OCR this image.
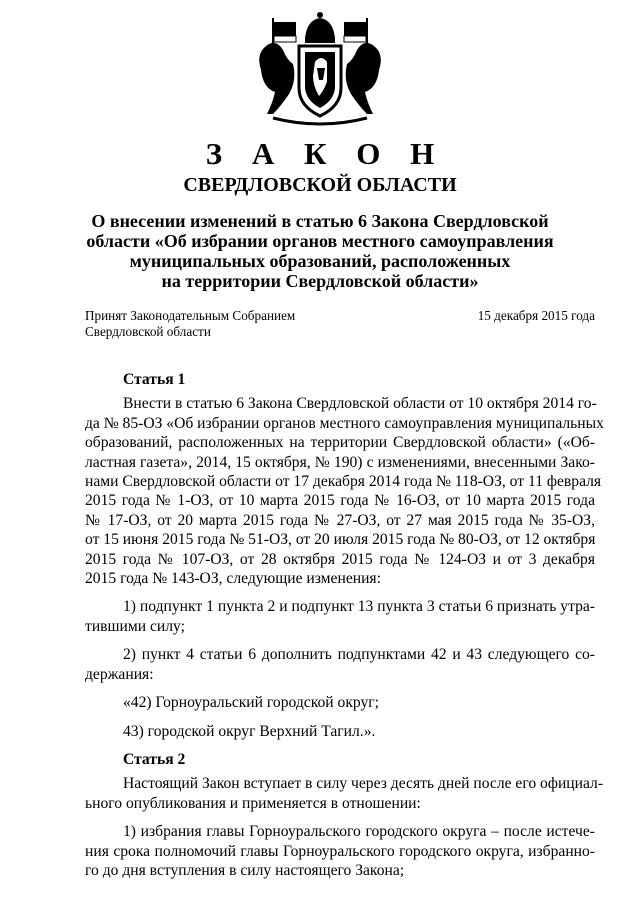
З А К О Н
СВЕРДЛОВСКОЙ ОБЛАСТИ
О внесении изменений в статью 6 Закона Свердловской
области «Об избрании органов местного самоуправления
муниципальных образований, расположенных
на территории Свердловской области»
Принят Законодательным Собранием
Свердловской области
15 декабря 2015 года
Статья 1
Внести в статью 6 Закона Свердловской области от 10 октября 2014 го-
да № 85-ОЗ «Об избрании органов местного самоуправления муниципальных
образований, расположенных на территории Свердловской области» («Об-
ластная газета», 2014, 15 октября, № 190) с изменениями, внесенными Зако-
нами Свердловской области от 17 декабря 2014 года № 118-ОЗ, от 11 февраля
2015 года № 1-ОЗ, от 10 марта 2015 года № 16-ОЗ, от 10 марта 2015 года
№ 17-ОЗ, от 20 марта 2015 года № 27-ОЗ, от 27 мая 2015 года № 35-ОЗ,
от 15 июня 2015 года № 51-ОЗ, от 20 июля 2015 года № 80-ОЗ, от 12 октября
2015 года № 107-ОЗ, от 28 октября 2015 года № 124-ОЗ и от 3 декабря
2015 года № 143-ОЗ, следующие изменения:
1) подпункт 1 пункта 2 и подпункт 13 пункта 3 статьи 6 признать утра-
тившими силу;
2) пункт 4 статьи 6 дополнить подпунктами 42 и 43 следующего со-
держания:
«42) Горноуральский городской округ;
43) городской округ Верхний Тагил.».
Статья 2
Настоящий Закон вступает в силу через десять дней после его официал-
ьного опубликования и применяется в отношении:
1) избрания главы Горноуральского городского округа – после истече-
ния срока полномочий главы Горноуральского городского округа, избранно-
го до дня вступления в силу настоящего Закона;
